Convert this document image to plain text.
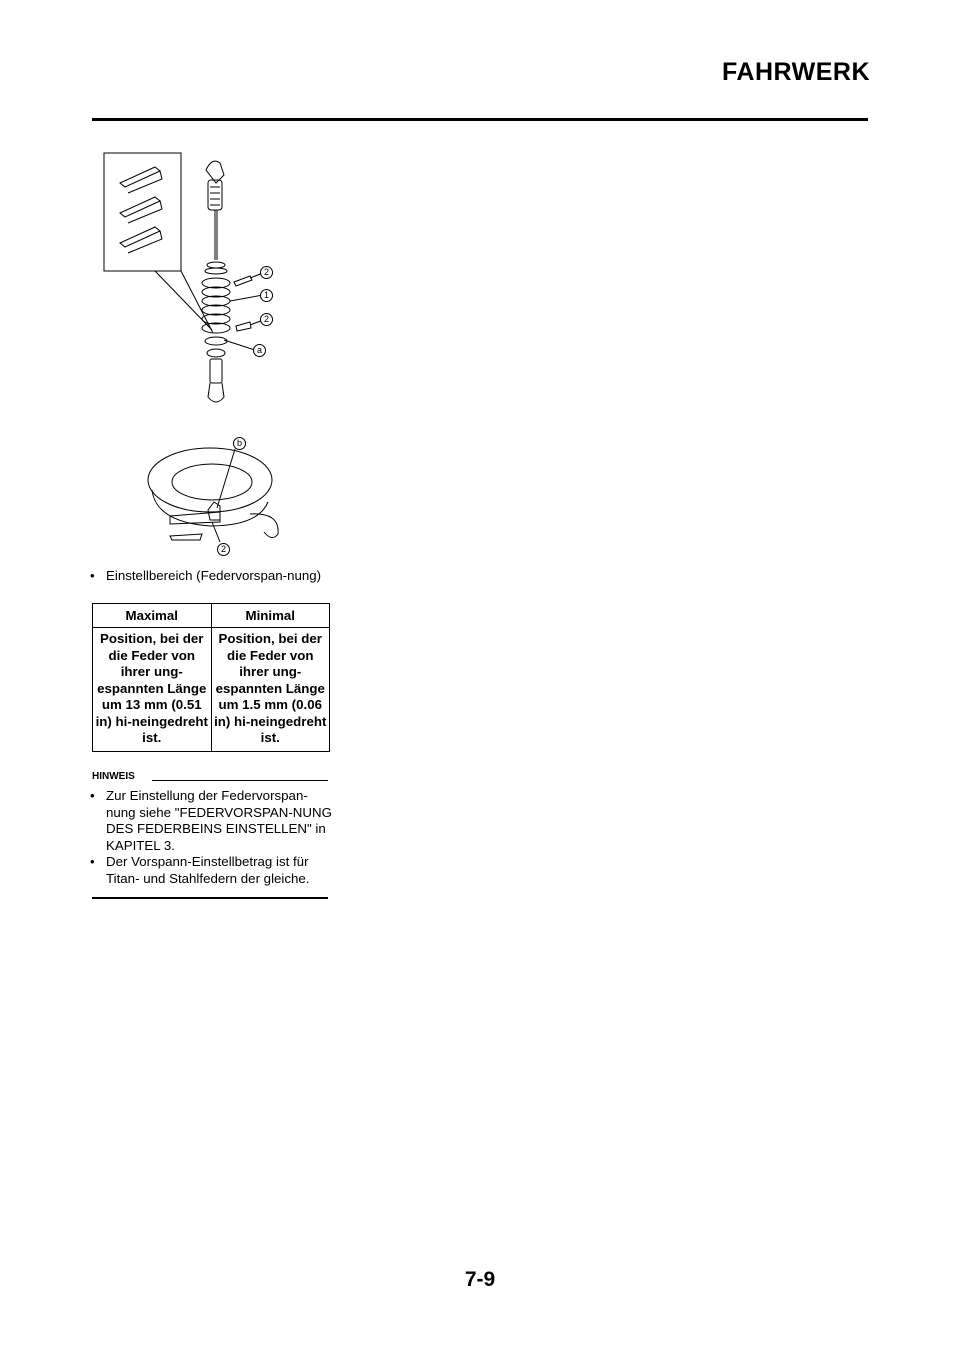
FAHRWERK
2
1
2
a
b
2
• Einstellbereich (Federvorspan-nung)
Maximal	Minimal
Position, bei der die Feder von ihrer ung-espannten Länge um 13 mm (0.51 in) hi-neingedreht ist.	Position, bei der die Feder von ihrer ung-espannten Länge um 1.5 mm (0.06 in) hi-neingedreht ist.
HINWEIS
• Zur Einstellung der Federvorspan-nung siehe "FEDERVORSPAN-NUNG DES FEDERBEINS EINSTELLEN" in KAPITEL 3.
• Der Vorspann-Einstellbetrag ist für Titan- und Stahlfedern der gleiche.
7-9
